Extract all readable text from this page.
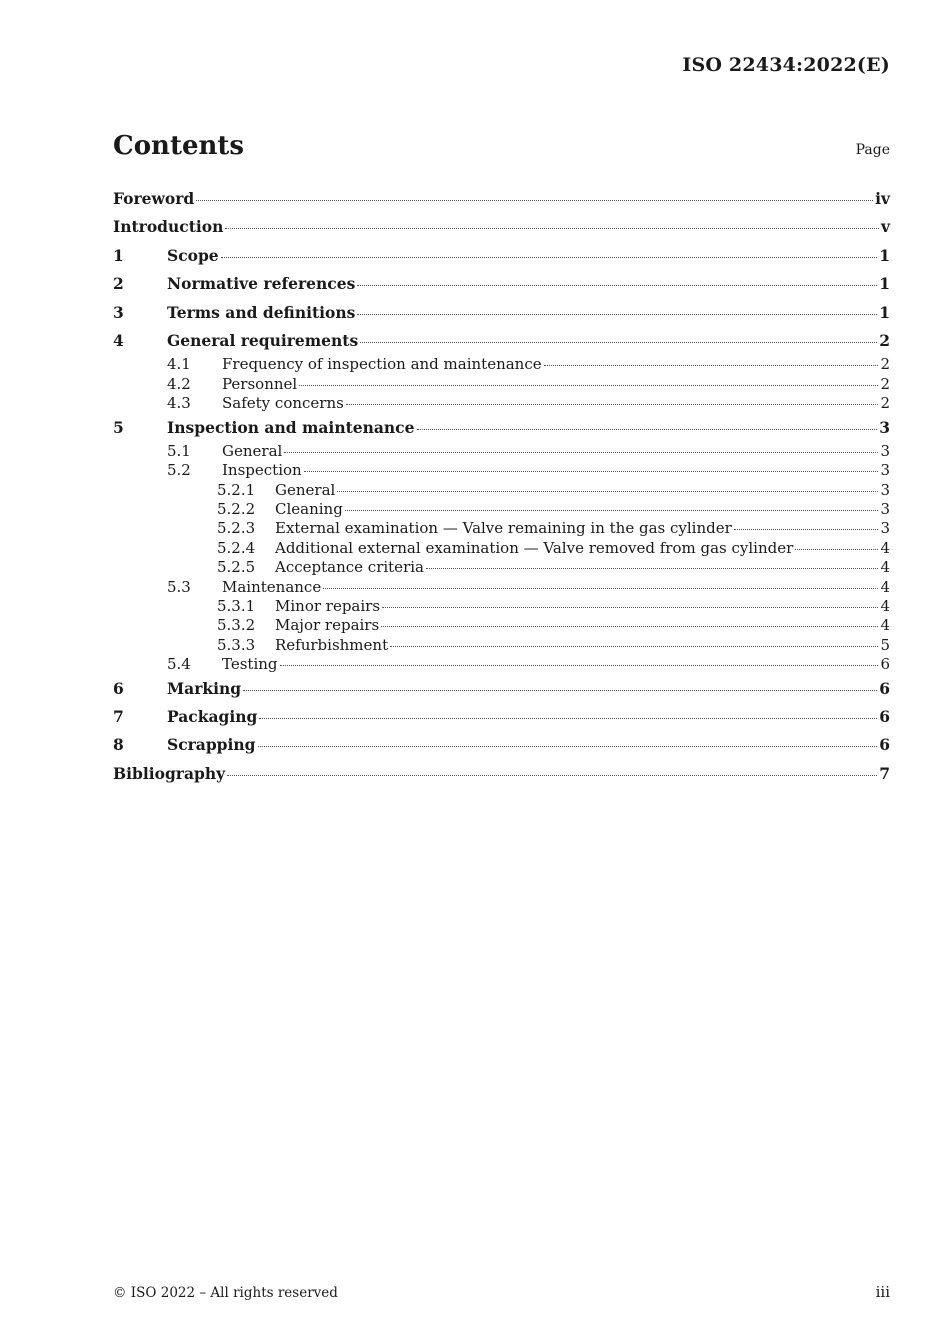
ISO 22434:2022(E)
Contents	Page
Foreword	iv
Introduction	v
1	Scope	1
2	Normative references	1
3	Terms and definitions	1
4	General requirements	2
4.1	Frequency of inspection and maintenance	2
4.2	Personnel	2
4.3	Safety concerns	2
5	Inspection and maintenance	3
5.1	General	3
5.2	Inspection	3
5.2.1	General	3
5.2.2	Cleaning	3
5.2.3	External examination — Valve remaining in the gas cylinder	3
5.2.4	Additional external examination — Valve removed from gas cylinder	4
5.2.5	Acceptance criteria	4
5.3	Maintenance	4
5.3.1	Minor repairs	4
5.3.2	Major repairs	4
5.3.3	Refurbishment	5
5.4	Testing	6
6	Marking	6
7	Packaging	6
8	Scrapping	6
Bibliography	7
© ISO 2022 – All rights reserved	iii
